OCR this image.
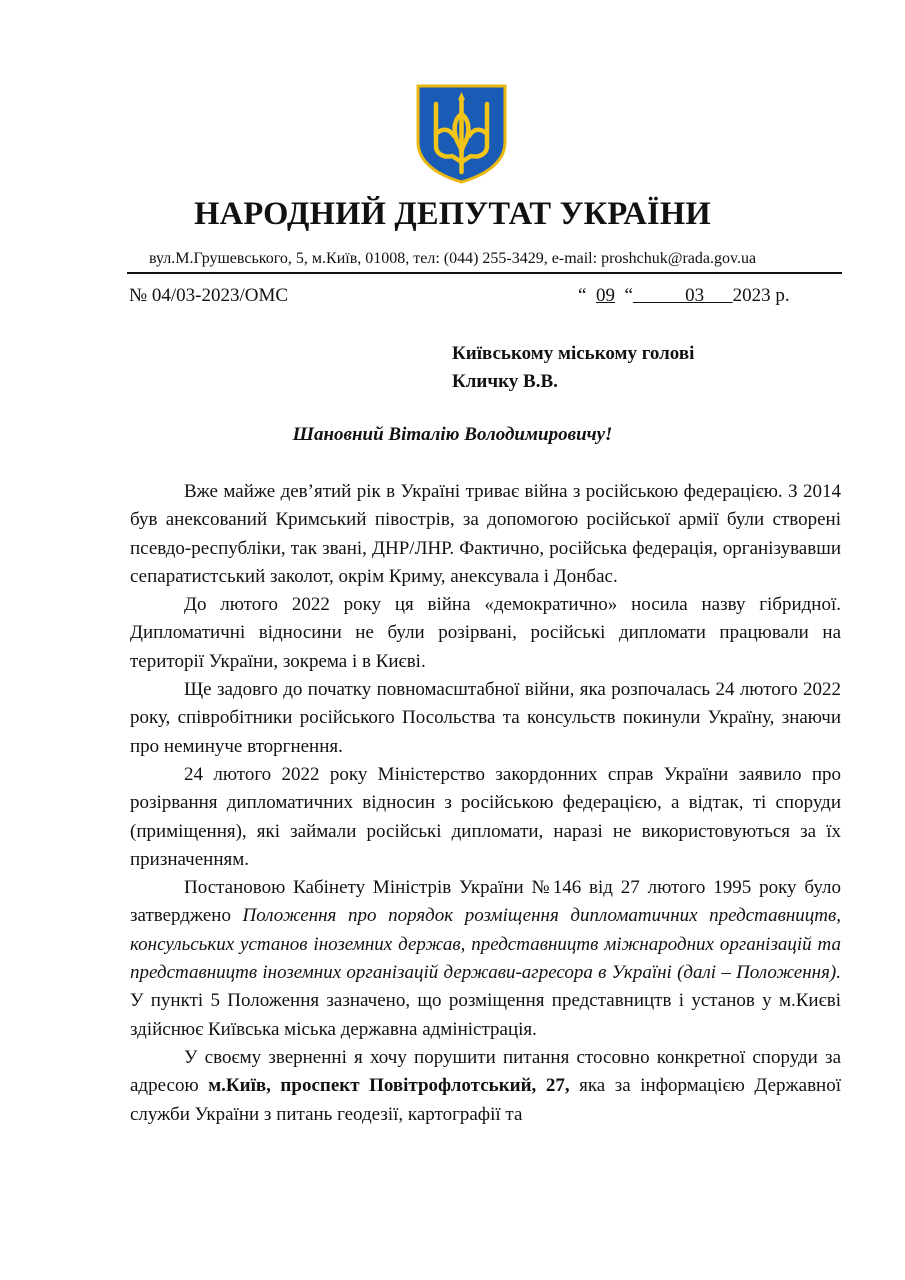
НАРОДНИЙ ДЕПУТАТ УКРАЇНИ
вул.М.Грушевського, 5, м.Київ, 01008, тел: (044) 255-3429, e-mail: proshchuk@rada.gov.ua
№ 04/03-2023/ОМС	“ 09 “	03 2023 р.
Київському міському голові
Кличку В.В.
Шановний Віталію Володимировичу!

Вже майже дев’ятий рік в Україні триває війна з російською федерацією. З 2014 був анексований Кримський півострів, за допомогою російської армії були створені псевдо-республіки, так звані, ДНР/ЛНР. Фактично, російська федерація, організувавши сепаратистський заколот, окрім Криму, анексувала і Донбас.

До лютого 2022 року ця війна «демократично» носила назву гібридної. Дипломатичні відносини не були розірвані, російські дипломати працювали на території України, зокрема і в Києві.

Ще задовго до початку повномасштабної війни, яка розпочалась 24 лютого 2022 року, співробітники російського Посольства та консульств покинули Україну, знаючи про неминуче вторгнення.

24 лютого 2022 року Міністерство закордонних справ України заявило про розірвання дипломатичних відносин з російською федерацією, а відтак, ті споруди (приміщення), які займали російські дипломати, наразі не використовуються за їх призначенням.

Постановою Кабінету Міністрів України №146 від 27 лютого 1995 року було затверджено Положення про порядок розміщення дипломатичних представництв, консульських установ іноземних держав, представництв міжнародних організацій та представництв іноземних організацій держави-агресора в Україні (далі – Положення). У пункті 5 Положення зазначено, що розміщення представництв і установ у м.Києві здійснює Київська міська державна адміністрація.

У своєму зверненні я хочу порушити питання стосовно конкретної споруди за адресою м.Київ, проспект Повітрофлотський, 27, яка за інформацією Державної служби України з питань геодезії, картографії та
